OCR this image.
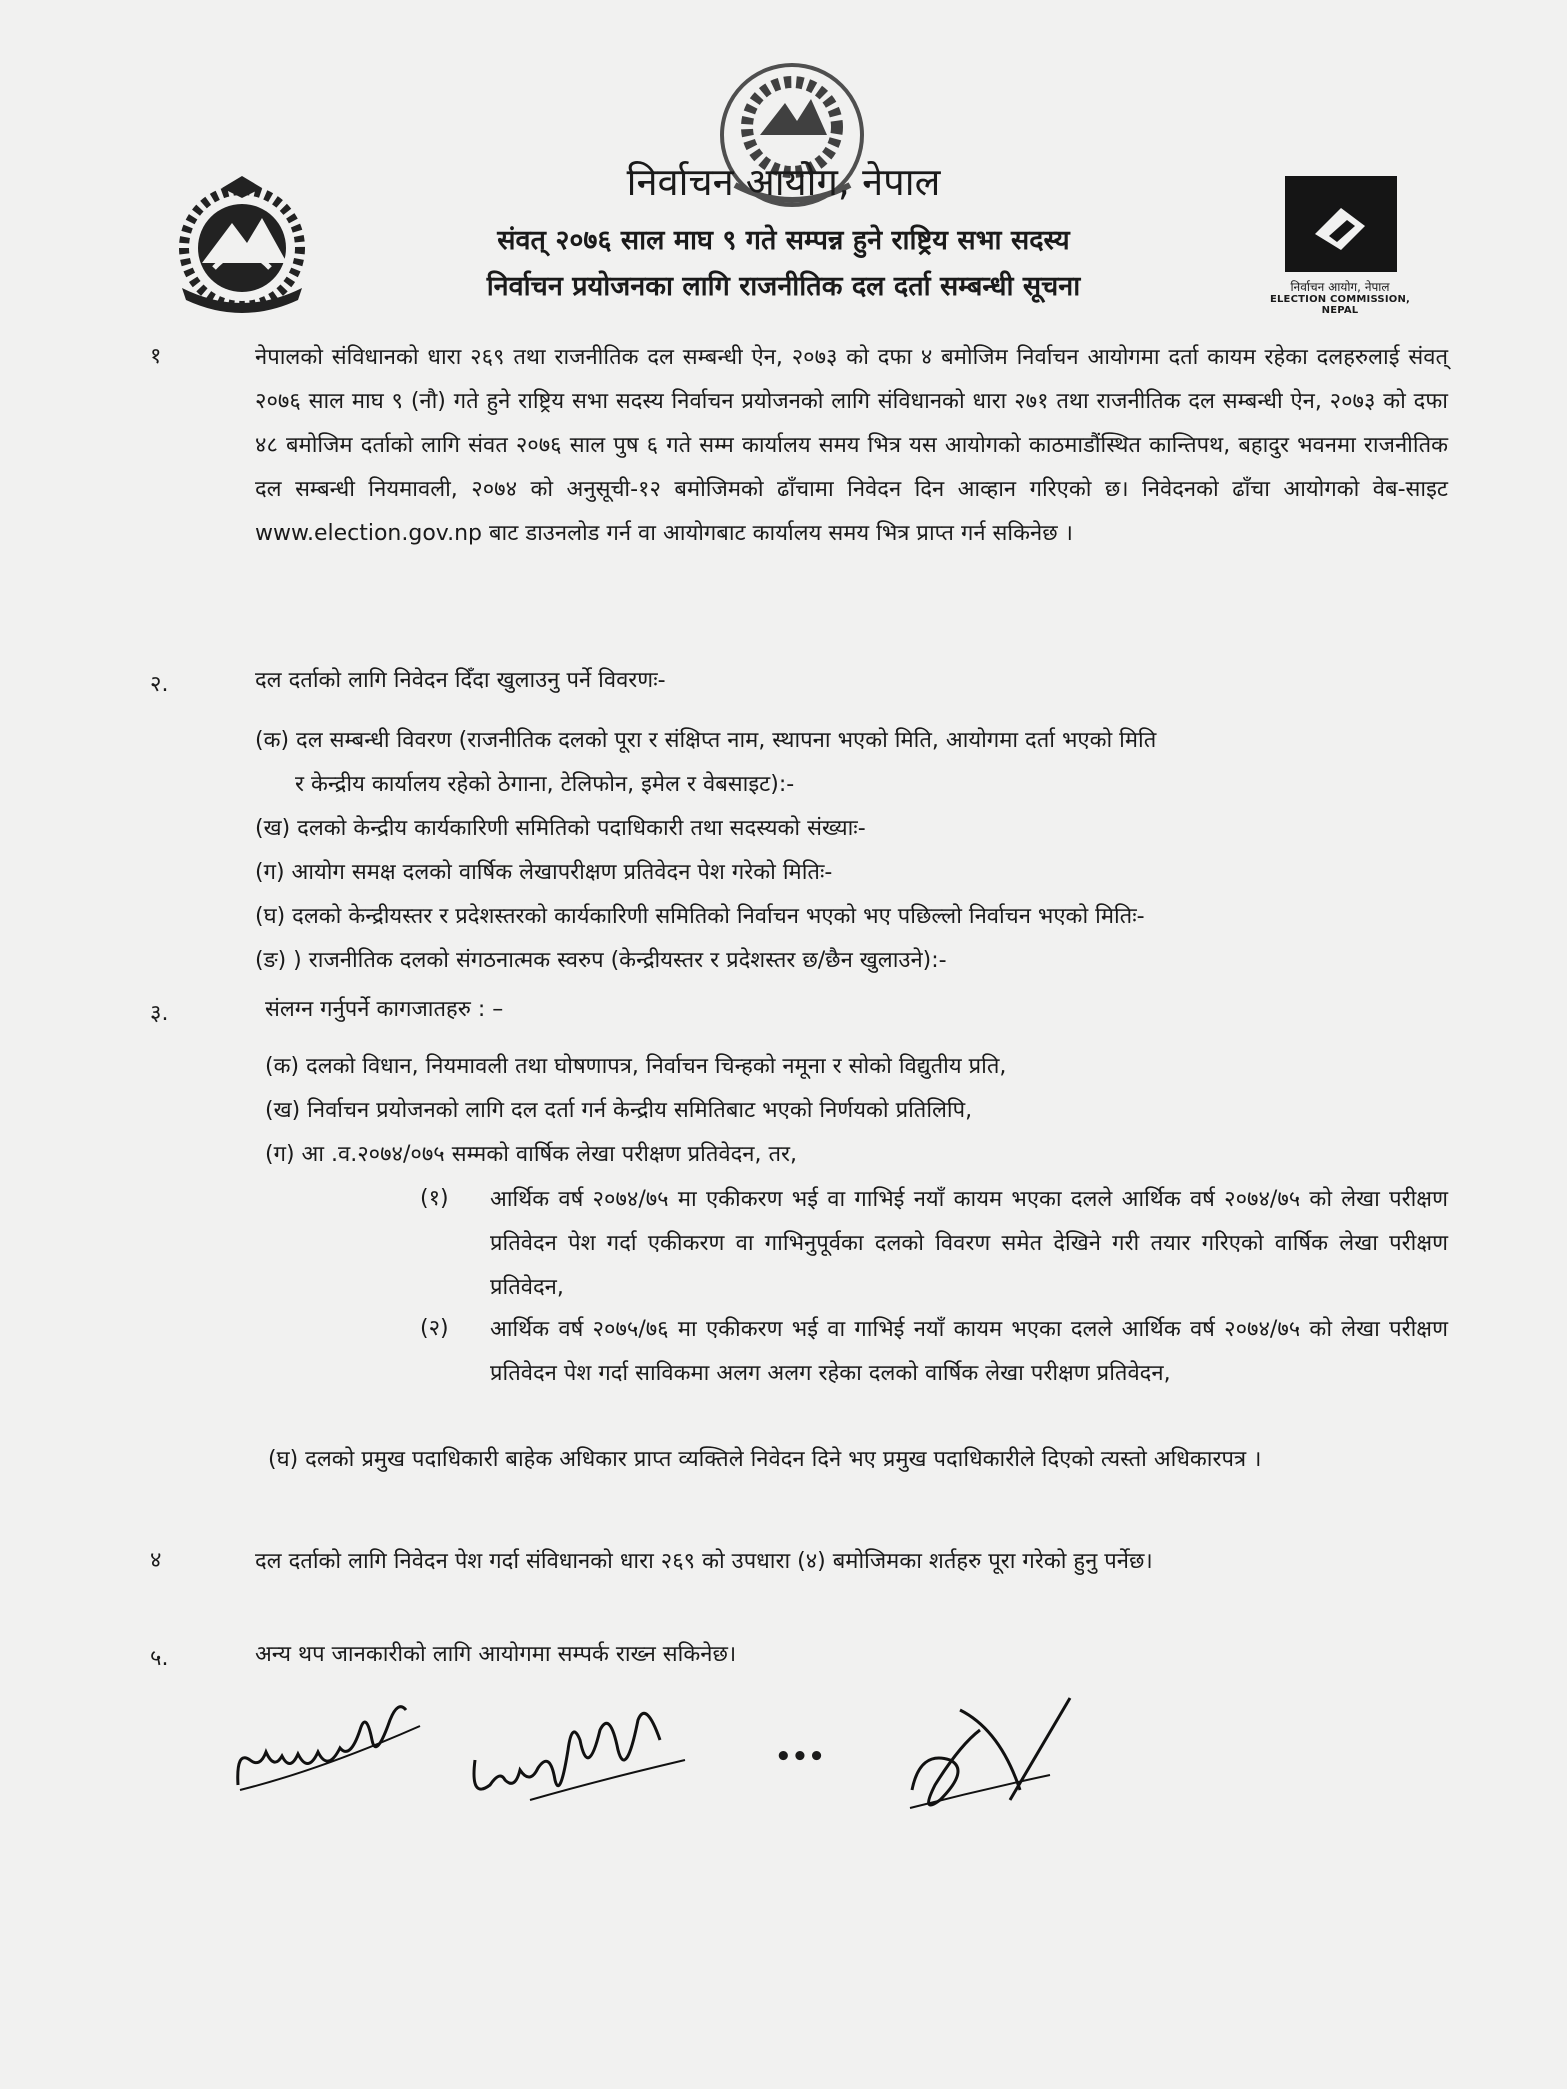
निर्वाचन आयोग, नेपाल
ELECTION COMMISSION, NEPAL
निर्वाचन आयोग, नेपाल
संवत् २०७६ साल माघ ९ गते सम्पन्न हुने राष्ट्रिय सभा सदस्य
निर्वाचन प्रयोजनका लागि राजनीतिक दल दर्ता सम्बन्धी सूचना
१	नेपालको संविधानको धारा २६९ तथा राजनीतिक दल सम्बन्धी ऐन, २०७३ को दफा ४ बमोजिम निर्वाचन आयोगमा दर्ता कायम रहेका दलहरुलाई संवत् २०७६ साल माघ ९ (नौ) गते हुने राष्ट्रिय सभा सदस्य निर्वाचन प्रयोजनको लागि संविधानको धारा २७१ तथा राजनीतिक दल सम्बन्धी ऐन, २०७३ को दफा ४८ बमोजिम दर्ताको लागि संवत २०७६ साल पुष ६ गते सम्म कार्यालय समय भित्र यस आयोगको काठमाडौंस्थित कान्तिपथ, बहादुर भवनमा राजनीतिक दल सम्बन्धी नियमावली, २०७४ को अनुसूची-१२ बमोजिमको ढाँचामा निवेदन दिन आव्हान गरिएको छ। निवेदनको ढाँचा आयोगको वेब-साइट www.election.gov.np बाट डाउनलोड गर्न वा आयोगबाट कार्यालय समय भित्र प्राप्त गर्न सकिनेछ ।
२.	दल दर्ताको लागि निवेदन दिँदा खुलाउनु पर्ने विवरणः-
(क) दल सम्बन्धी विवरण (राजनीतिक दलको पूरा र संक्षिप्त नाम, स्थापना भएको मिति, आयोगमा दर्ता भएको मिति
र केन्द्रीय कार्यालय रहेको ठेगाना, टेलिफोन, इमेल र वेबसाइट):-
(ख) दलको केन्द्रीय कार्यकारिणी समितिको पदाधिकारी तथा सदस्यको संख्याः-
(ग) आयोग समक्ष दलको वार्षिक लेखापरीक्षण प्रतिवेदन पेश गरेको मितिः-
(घ) दलको केन्द्रीयस्तर र प्रदेशस्तरको कार्यकारिणी समितिको निर्वाचन भएको भए पछिल्लो निर्वाचन भएको मितिः-
(ङ) ) राजनीतिक दलको संगठनात्मक स्वरुप (केन्द्रीयस्तर र प्रदेशस्तर छ/छैन खुलाउने):-
३.	संलग्न गर्नुपर्ने कागजातहरु : –
(क) दलको विधान, नियमावली तथा घोषणापत्र, निर्वाचन चिन्हको नमूना र सोको विद्युतीय प्रति,
(ख) निर्वाचन प्रयोजनको लागि दल दर्ता गर्न केन्द्रीय समितिबाट भएको निर्णयको प्रतिलिपि,
(ग) आ .व.२०७४/०७५ सम्मको वार्षिक लेखा परीक्षण प्रतिवेदन, तर,
(१) आर्थिक वर्ष २०७४/७५ मा एकीकरण भई वा गाभिई नयाँ कायम भएका दलले आर्थिक वर्ष २०७४/७५ को लेखा परीक्षण प्रतिवेदन पेश गर्दा एकीकरण वा गाभिनुपूर्वका दलको विवरण समेत देखिने गरी तयार गरिएको वार्षिक लेखा परीक्षण प्रतिवेदन,
(२) आर्थिक वर्ष २०७५/७६ मा एकीकरण भई वा गाभिई नयाँ कायम भएका दलले आर्थिक वर्ष २०७४/७५ को लेखा परीक्षण प्रतिवेदन पेश गर्दा साविकमा अलग अलग रहेका दलको वार्षिक लेखा परीक्षण प्रतिवेदन,
(घ) दलको प्रमुख पदाधिकारी बाहेक अधिकार प्राप्त व्यक्तिले निवेदन दिने भए प्रमुख पदाधिकारीले दिएको त्यस्तो अधिकारपत्र ।
४	दल दर्ताको लागि निवेदन पेश गर्दा संविधानको धारा २६९ को उपधारा (४) बमोजिमका शर्तहरु पूरा गरेको हुनु पर्नेछ।
५.	अन्य थप जानकारीको लागि आयोगमा सम्पर्क राख्न सकिनेछ।
•••
